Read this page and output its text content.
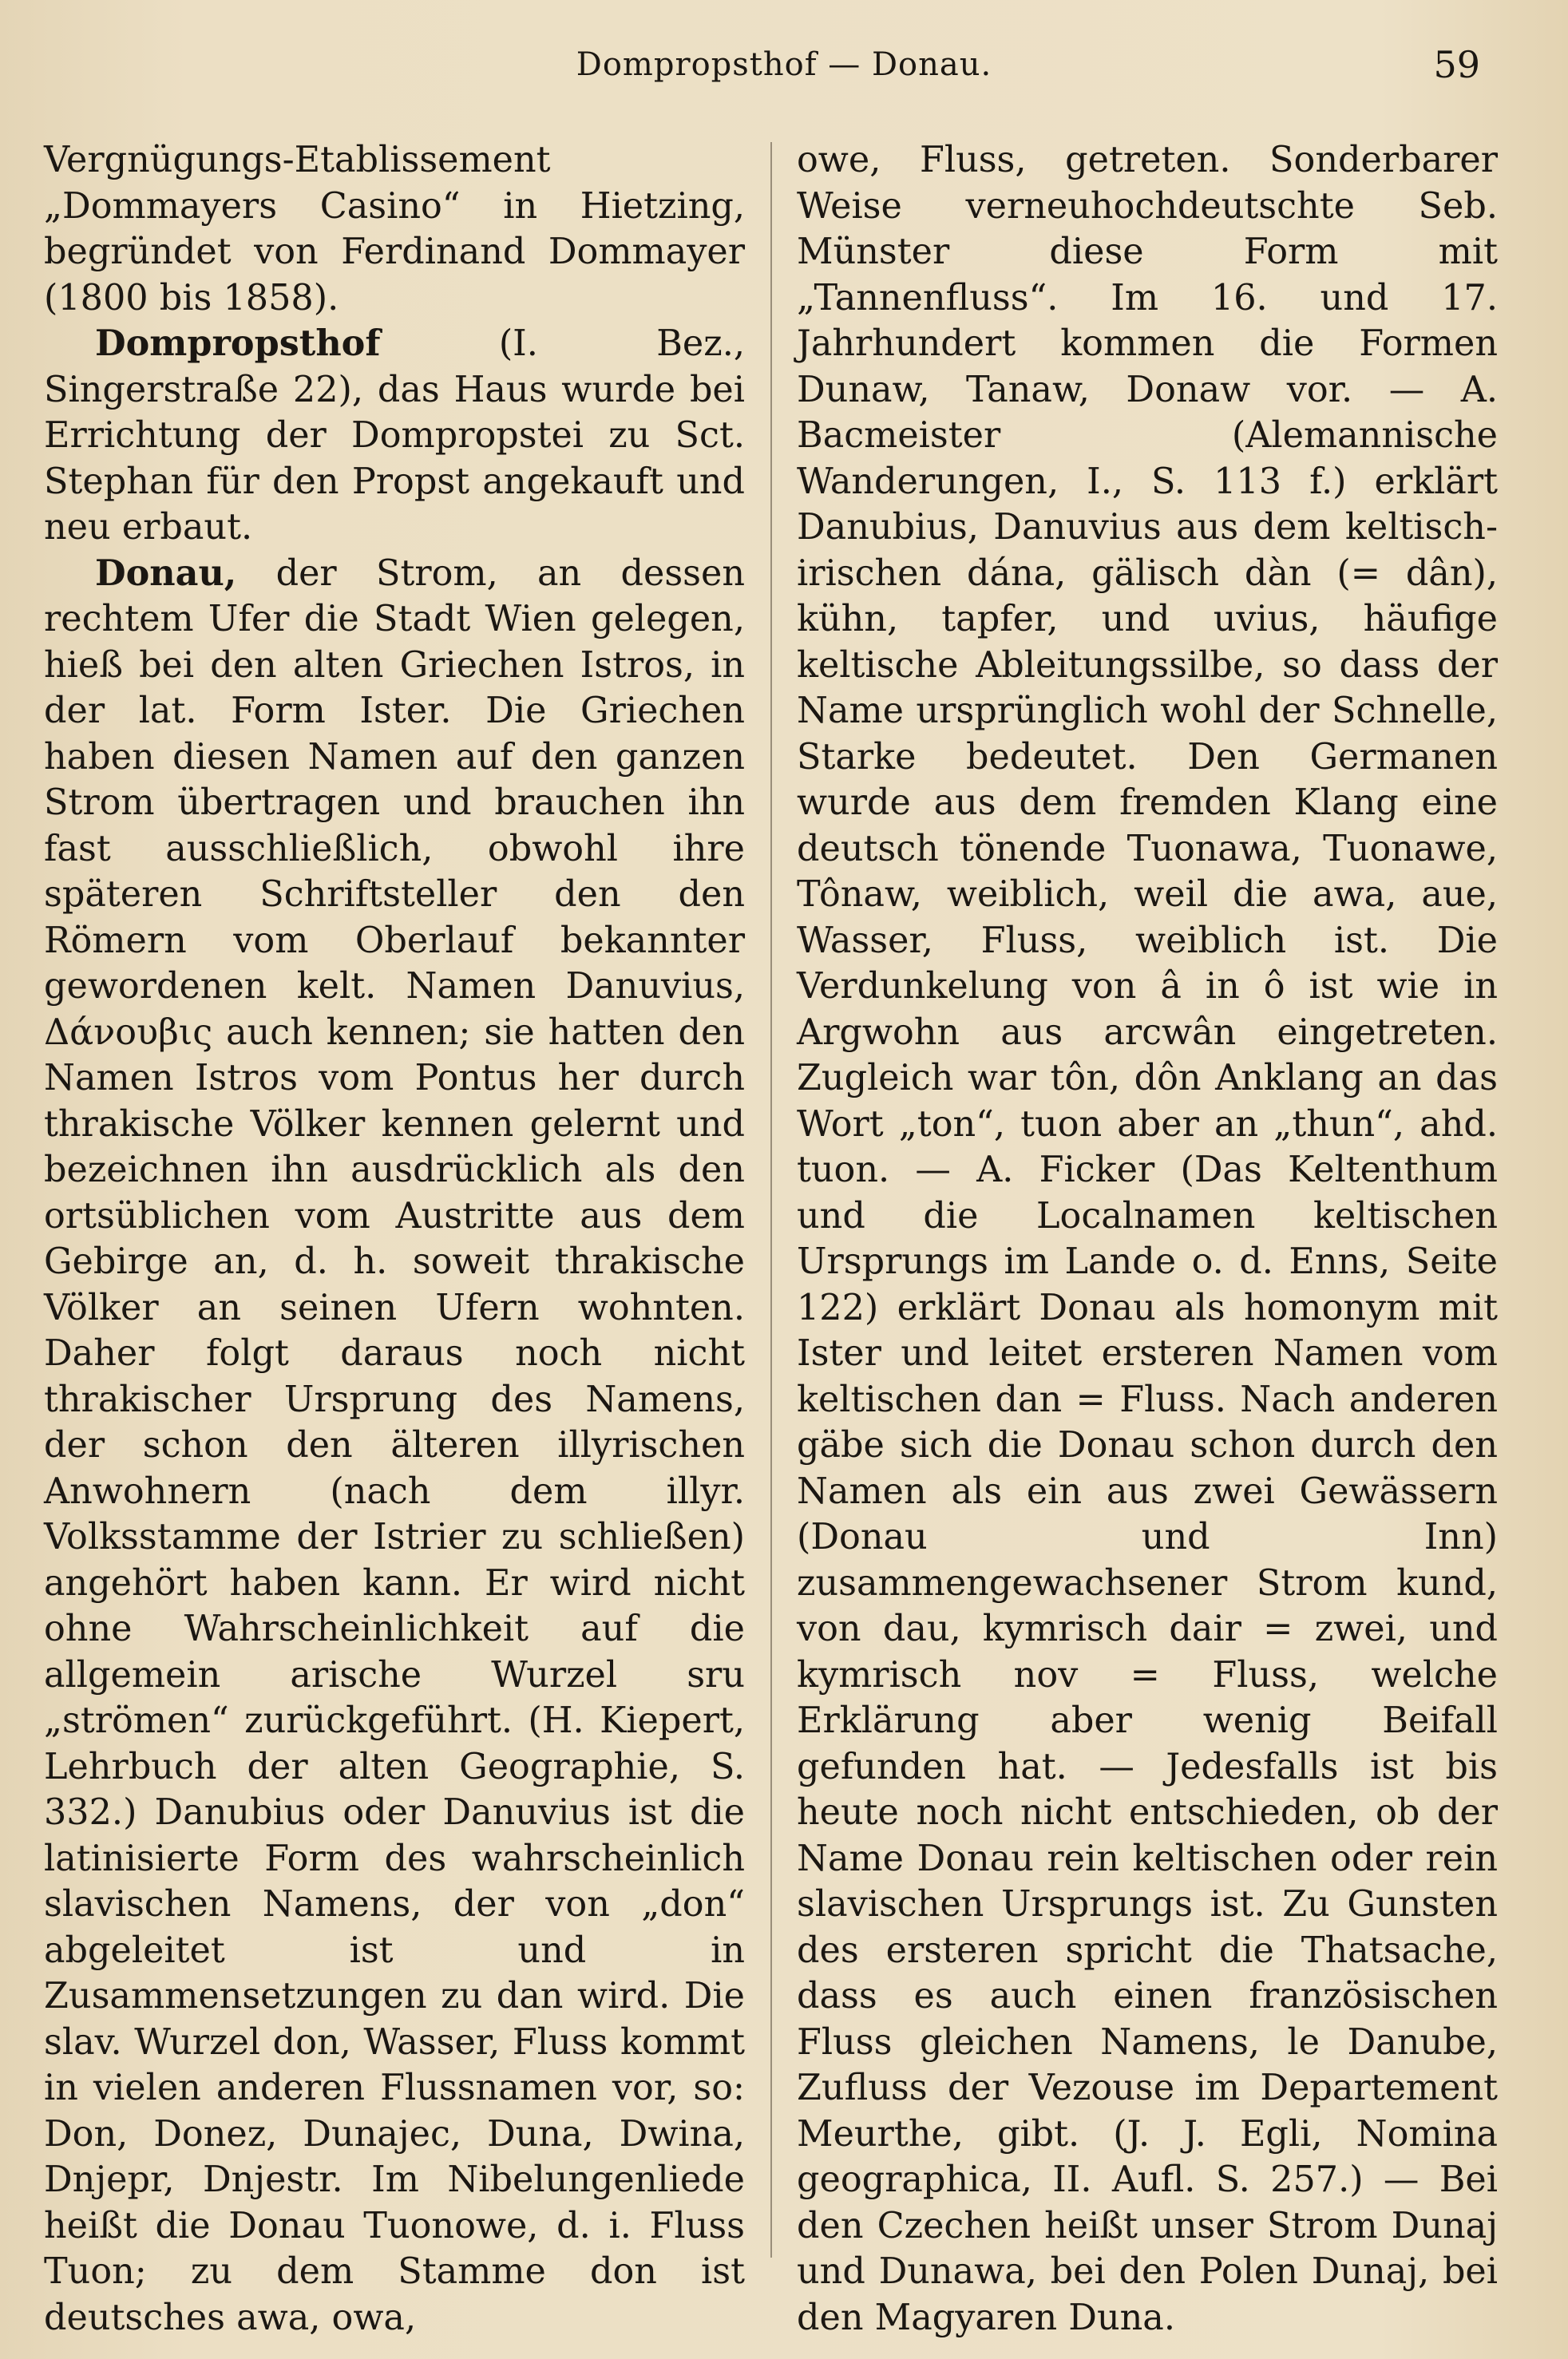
Dompropsthof — Donau.	59

Vergnügungs-Etablissement „Dommayers Casino“ in Hietzing, begründet von Ferdinand Dommayer (1800 bis 1858).

Dompropsthof (I. Bez., Singerstraße 22), das Haus wurde bei Errichtung der Dompropstei zu Sct. Stephan für den Propst angekauft und neu erbaut.

Donau, der Strom, an dessen rechtem Ufer die Stadt Wien gelegen, hieß bei den alten Griechen Istros, in der lat. Form Ister. Die Griechen haben diesen Namen auf den ganzen Strom übertragen und brauchen ihn fast ausschließlich, obwohl ihre späteren Schriftsteller den den Römern vom Oberlauf bekannter gewordenen kelt. Namen Danuvius, Δάνουβις auch kennen; sie hatten den Namen Istros vom Pontus her durch thrakische Völker kennen gelernt und bezeichnen ihn ausdrücklich als den ortsüblichen vom Austritte aus dem Gebirge an, d. h. soweit thrakische Völker an seinen Ufern wohnten. Daher folgt daraus noch nicht thrakischer Ursprung des Namens, der schon den älteren illyrischen Anwohnern (nach dem illyr. Volksstamme der Istrier zu schließen) angehört haben kann. Er wird nicht ohne Wahrscheinlichkeit auf die allgemein arische Wurzel sru „strömen“ zurückgeführt. (H. Kiepert, Lehrbuch der alten Geographie, S. 332.) Danubius oder Danuvius ist die latinisierte Form des wahrscheinlich slavischen Namens, der von „don“ abgeleitet ist und in Zusammensetzungen zu dan wird. Die slav. Wurzel don, Wasser, Fluss kommt in vielen anderen Flussnamen vor, so: Don, Donez, Dunajec, Duna, Dwina, Dnjepr, Dnjestr. Im Nibelungenliede heißt die Donau Tuonowe, d. i. Fluss Tuon; zu dem Stamme don ist deutsches awa, owa,

owe, Fluss, getreten. Sonderbarer Weise verneuhochdeutschte Seb. Münster diese Form mit „Tannenfluss“. Im 16. und 17. Jahrhundert kommen die Formen Dunaw, Tanaw, Donaw vor. — A. Bacmeister (Alemannische Wanderungen, I., S. 113 f.) erklärt Danubius, Danuvius aus dem keltisch-irischen dána, gälisch dàn (= dân), kühn, tapfer, und uvius, häufige keltische Ableitungssilbe, so dass der Name ursprünglich wohl der Schnelle, Starke bedeutet. Den Germanen wurde aus dem fremden Klang eine deutsch tönende Tuonawa, Tuonawe, Tônaw, weiblich, weil die awa, aue, Wasser, Fluss, weiblich ist. Die Verdunkelung von â in ô ist wie in Argwohn aus arcwân eingetreten. Zugleich war tôn, dôn Anklang an das Wort „ton“, tuon aber an „thun“, ahd. tuon. — A. Ficker (Das Keltenthum und die Localnamen keltischen Ursprungs im Lande o. d. Enns, Seite 122) erklärt Donau als homonym mit Ister und leitet ersteren Namen vom keltischen dan = Fluss. Nach anderen gäbe sich die Donau schon durch den Namen als ein aus zwei Gewässern (Donau und Inn) zusammengewachsener Strom kund, von dau, kymrisch dair = zwei, und kymrisch nov = Fluss, welche Erklärung aber wenig Beifall gefunden hat. — Jedesfalls ist bis heute noch nicht entschieden, ob der Name Donau rein keltischen oder rein slavischen Ursprungs ist. Zu Gunsten des ersteren spricht die Thatsache, dass es auch einen französischen Fluss gleichen Namens, le Danube, Zufluss der Vezouse im Departement Meurthe, gibt. (J. J. Egli, Nomina geographica, II. Aufl. S. 257.) — Bei den Czechen heißt unser Strom Dunaj und Dunawa, bei den Polen Dunaj, bei den Magyaren Duna.
